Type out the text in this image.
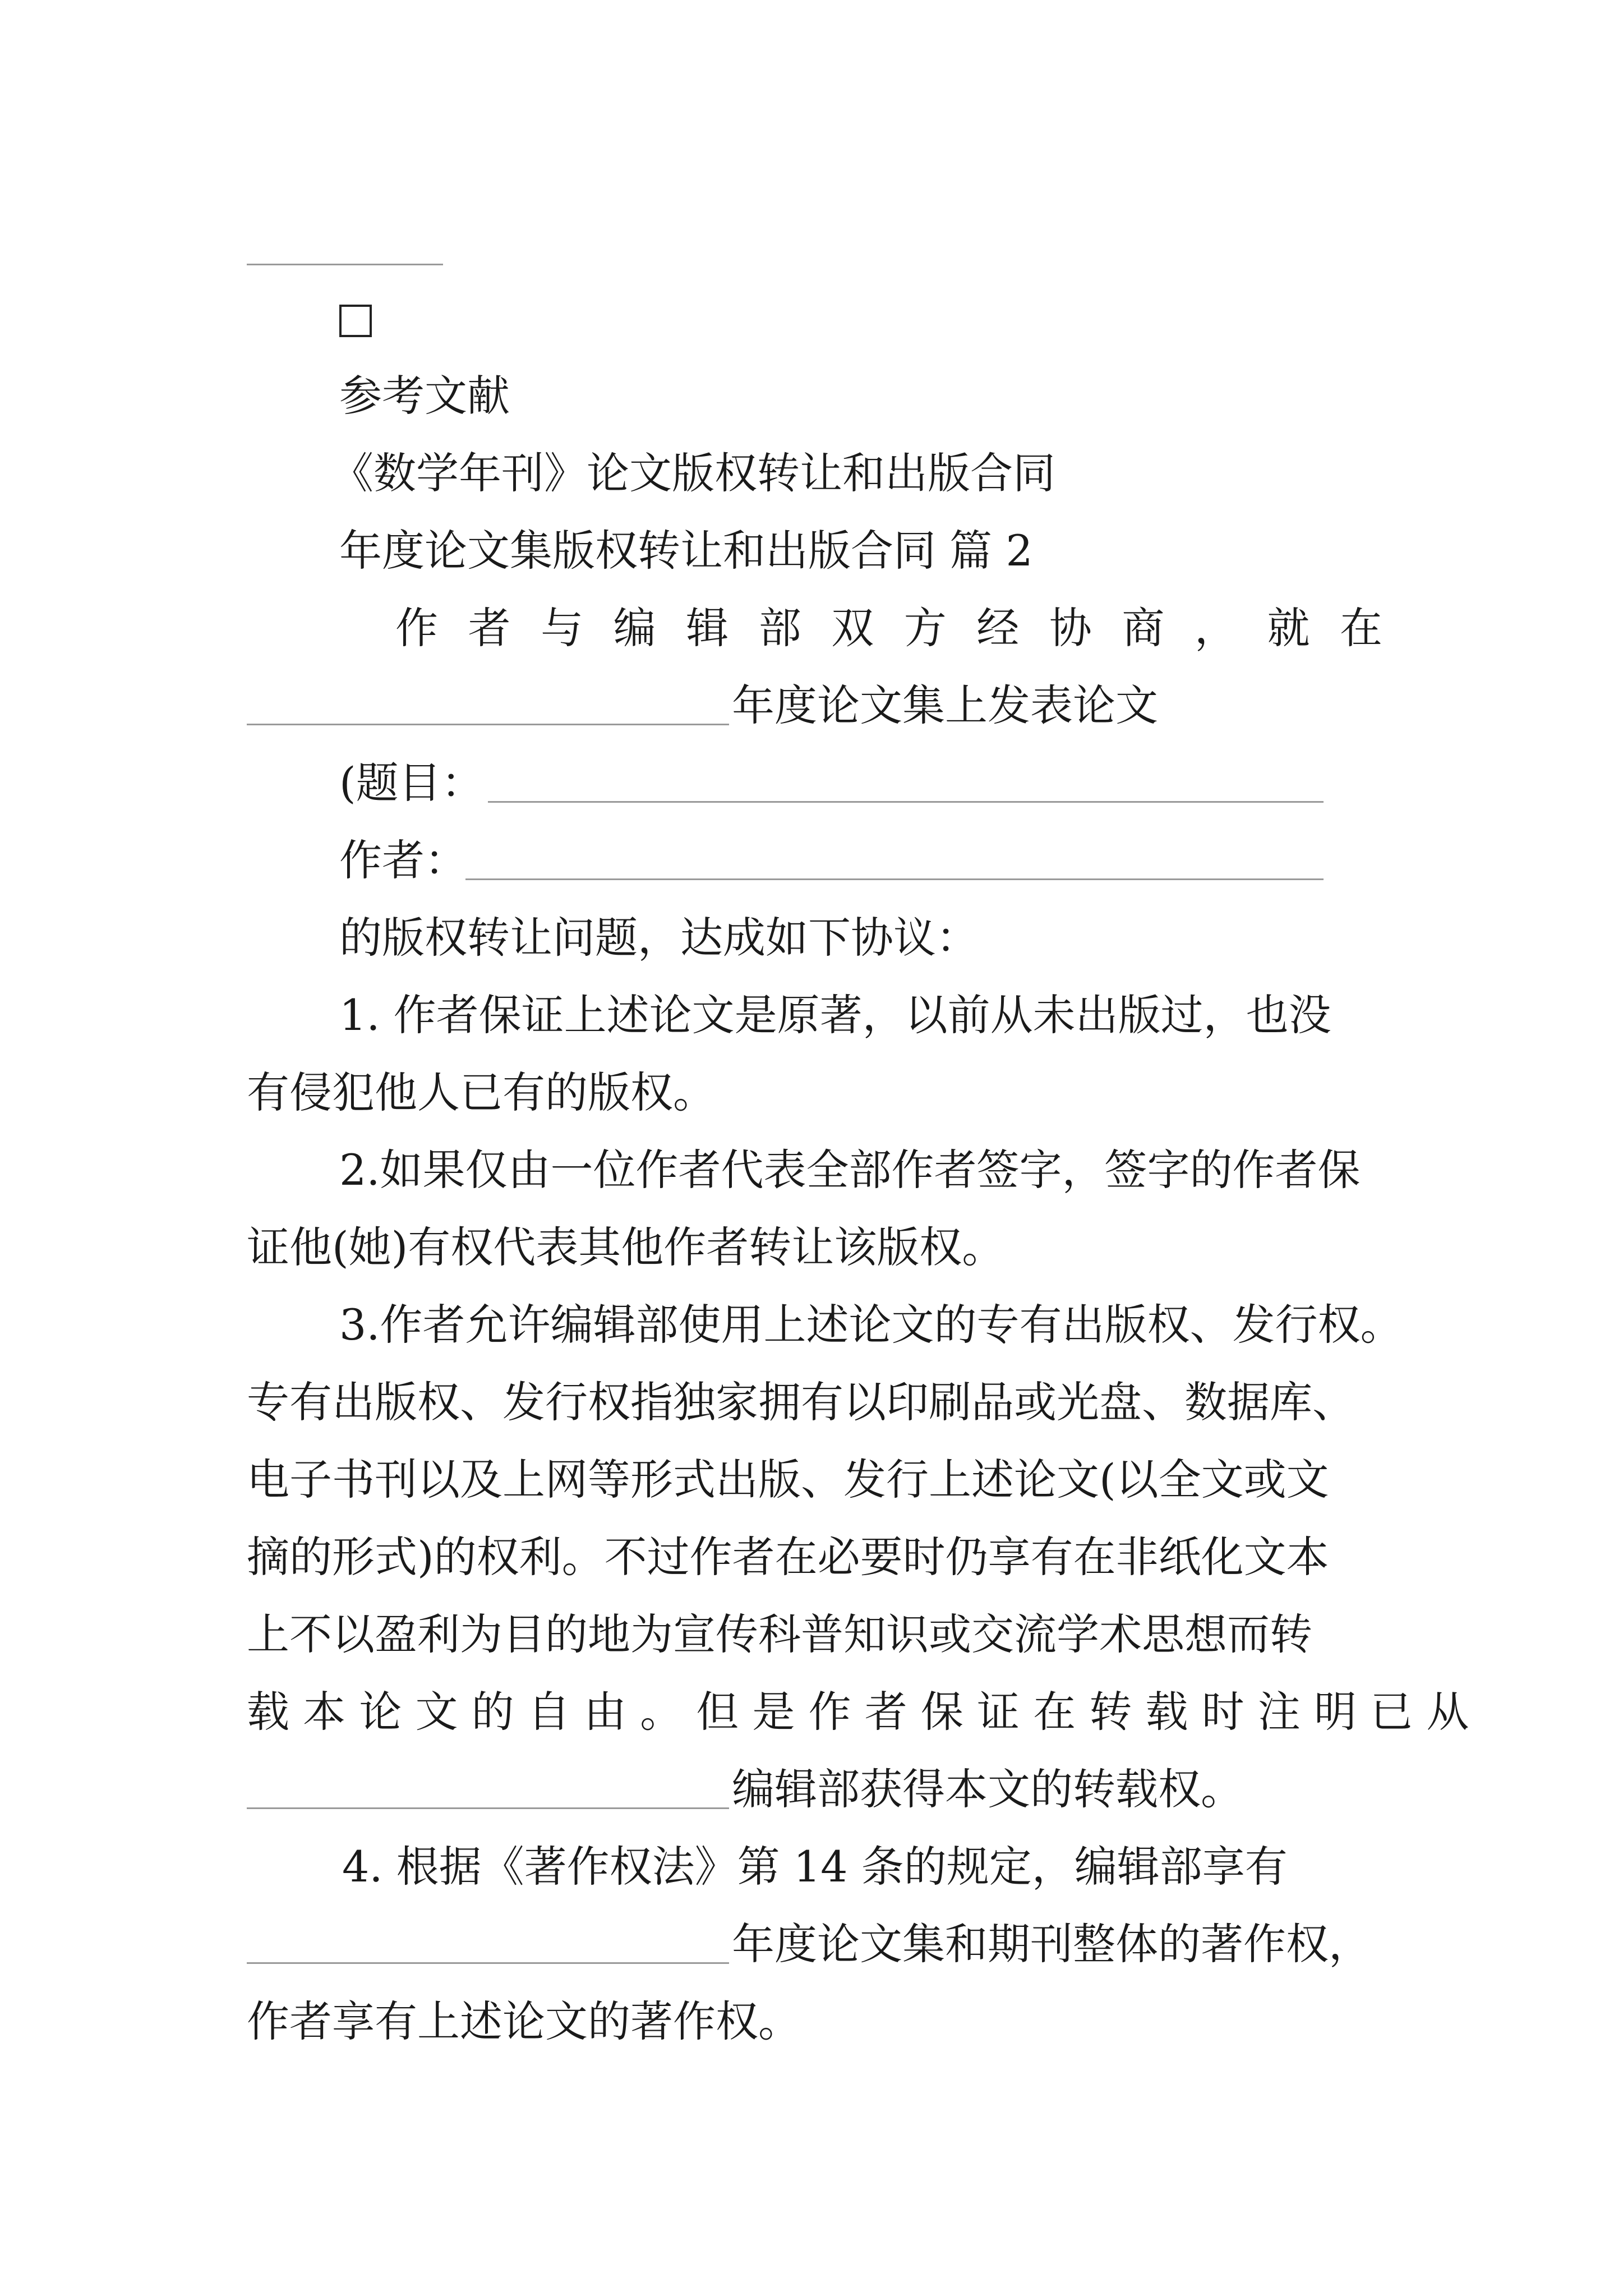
参考文献
《数学年刊》论文版权转让和出版合同
年度论文集版权转让和出版合同 篇 2
作 者 与 编 辑 部 双 方 经 协 商 ， 就 在
年度论文集上发表论文
(题目：
作者：
的版权转让问题，达成如下协议：
1. 作者保证上述论文是原著，以前从未出版过，也没
有侵犯他人已有的版权。
2.如果仅由一位作者代表全部作者签字，签字的作者保
证他(她)有权代表其他作者转让该版权。
3.作者允许编辑部使用上述论文的专有出版权、发行权。
专有出版权、发行权指独家拥有以印刷品或光盘、数据库、
电子书刊以及上网等形式出版、发行上述论文(以全文或文
摘的形式)的权利。不过作者在必要时仍享有在非纸化文本
上不以盈利为目的地为宣传科普知识或交流学术思想而转
载 本 论 文 的 自 由 。 但 是 作 者 保 证 在 转 载 时 注 明 已 从
编辑部获得本文的转载权。
4. 根据《著作权法》第 14 条的规定，编辑部享有
年度论文集和期刊整体的著作权，
作者享有上述论文的著作权。
